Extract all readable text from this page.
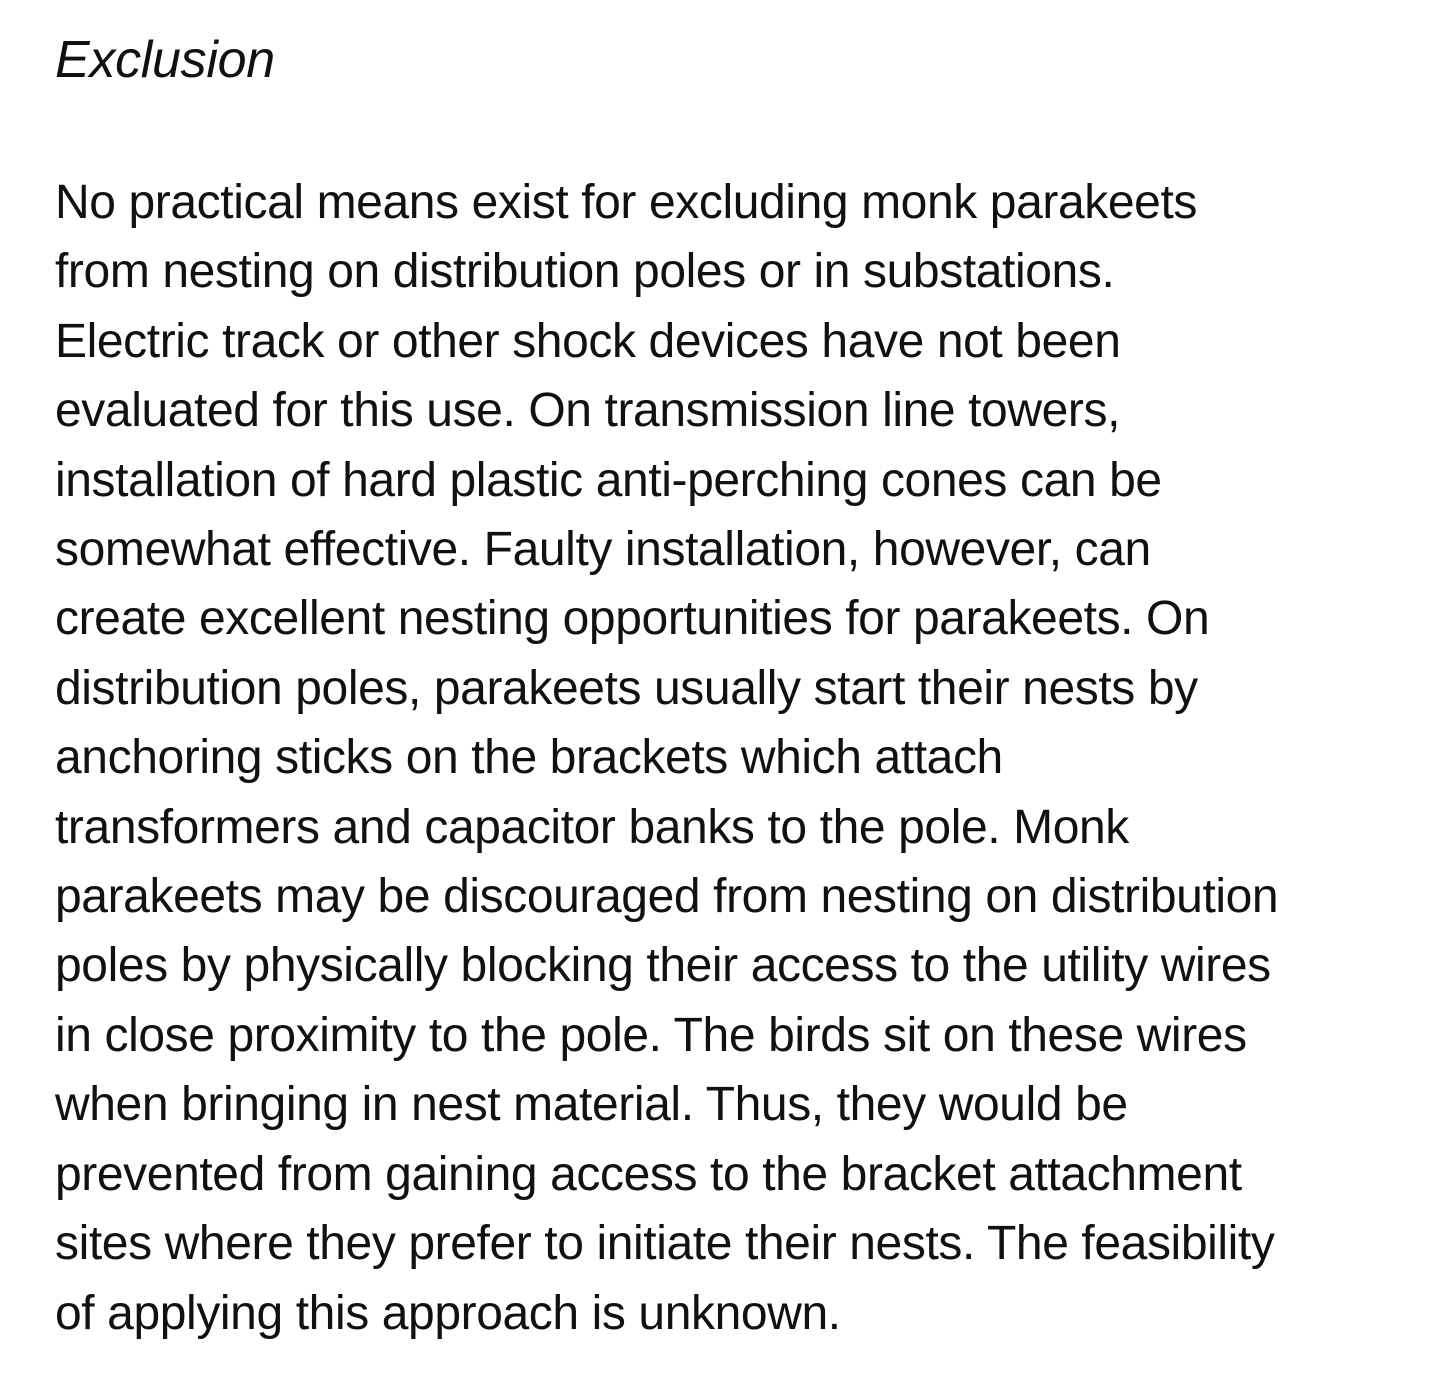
Exclusion

No practical means exist for excluding monk parakeets
from nesting on distribution poles or in substations.
Electric track or other shock devices have not been
evaluated for this use. On transmission line towers,
installation of hard plastic anti-perching cones can be
somewhat effective. Faulty installation, however, can
create excellent nesting opportunities for parakeets. On
distribution poles, parakeets usually start their nests by
anchoring sticks on the brackets which attach
transformers and capacitor banks to the pole. Monk
parakeets may be discouraged from nesting on distribution
poles by physically blocking their access to the utility wires
in close proximity to the pole. The birds sit on these wires
when bringing in nest material. Thus, they would be
prevented from gaining access to the bracket attachment
sites where they prefer to initiate their nests. The feasibility
of applying this approach is unknown.
